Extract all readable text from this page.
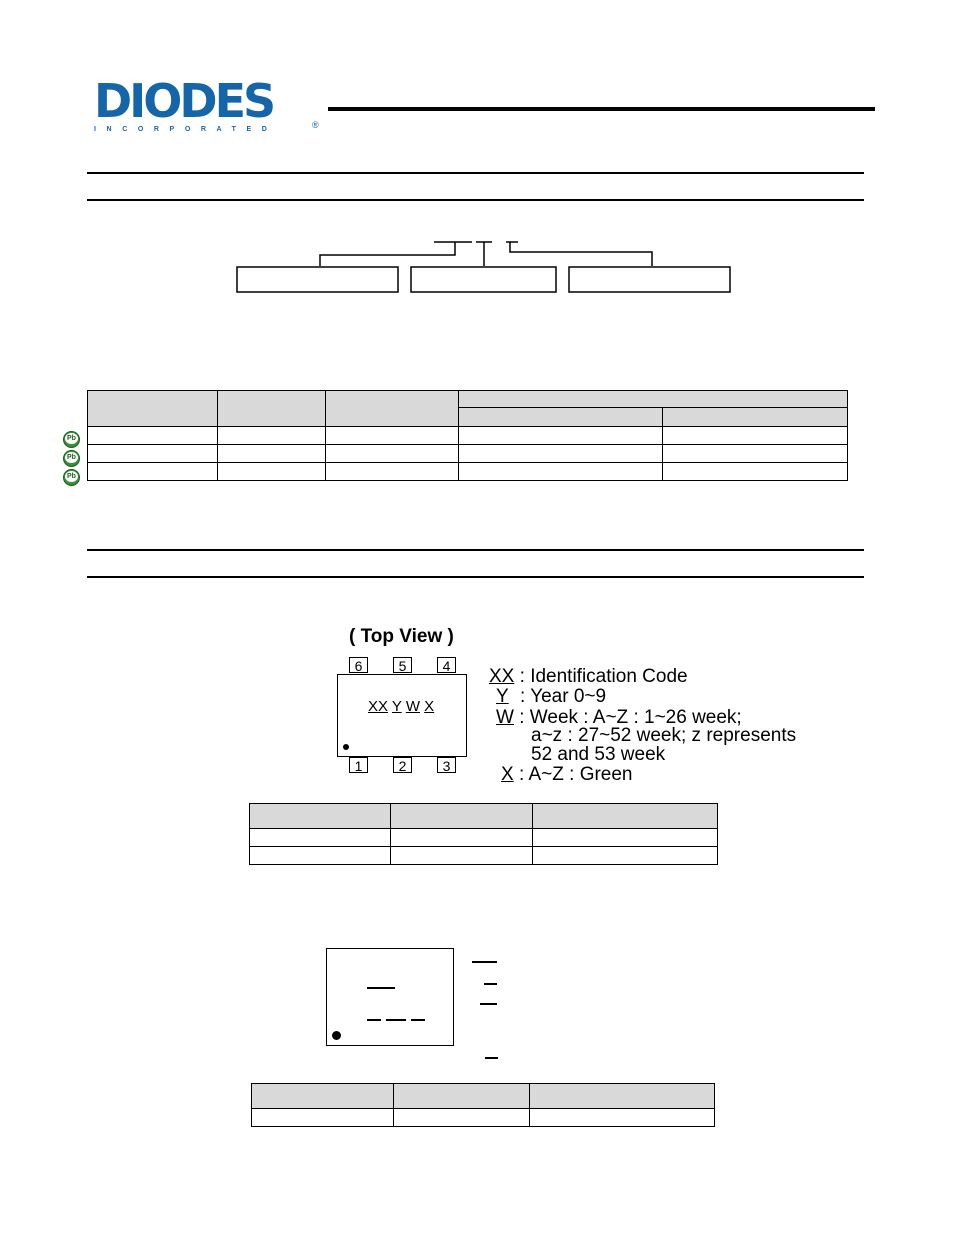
DIODES
INCORPORATED	®

Pb
Pb
Pb
( Top View )
6	5	4
XX Y W X
1	2	3
XX : Identification Code
Y : Year 0~9
W : Week : A~Z : 1~26 week;
a~z : 27~52 week; z represents
52 and 53 week
X : A~Z : Green
